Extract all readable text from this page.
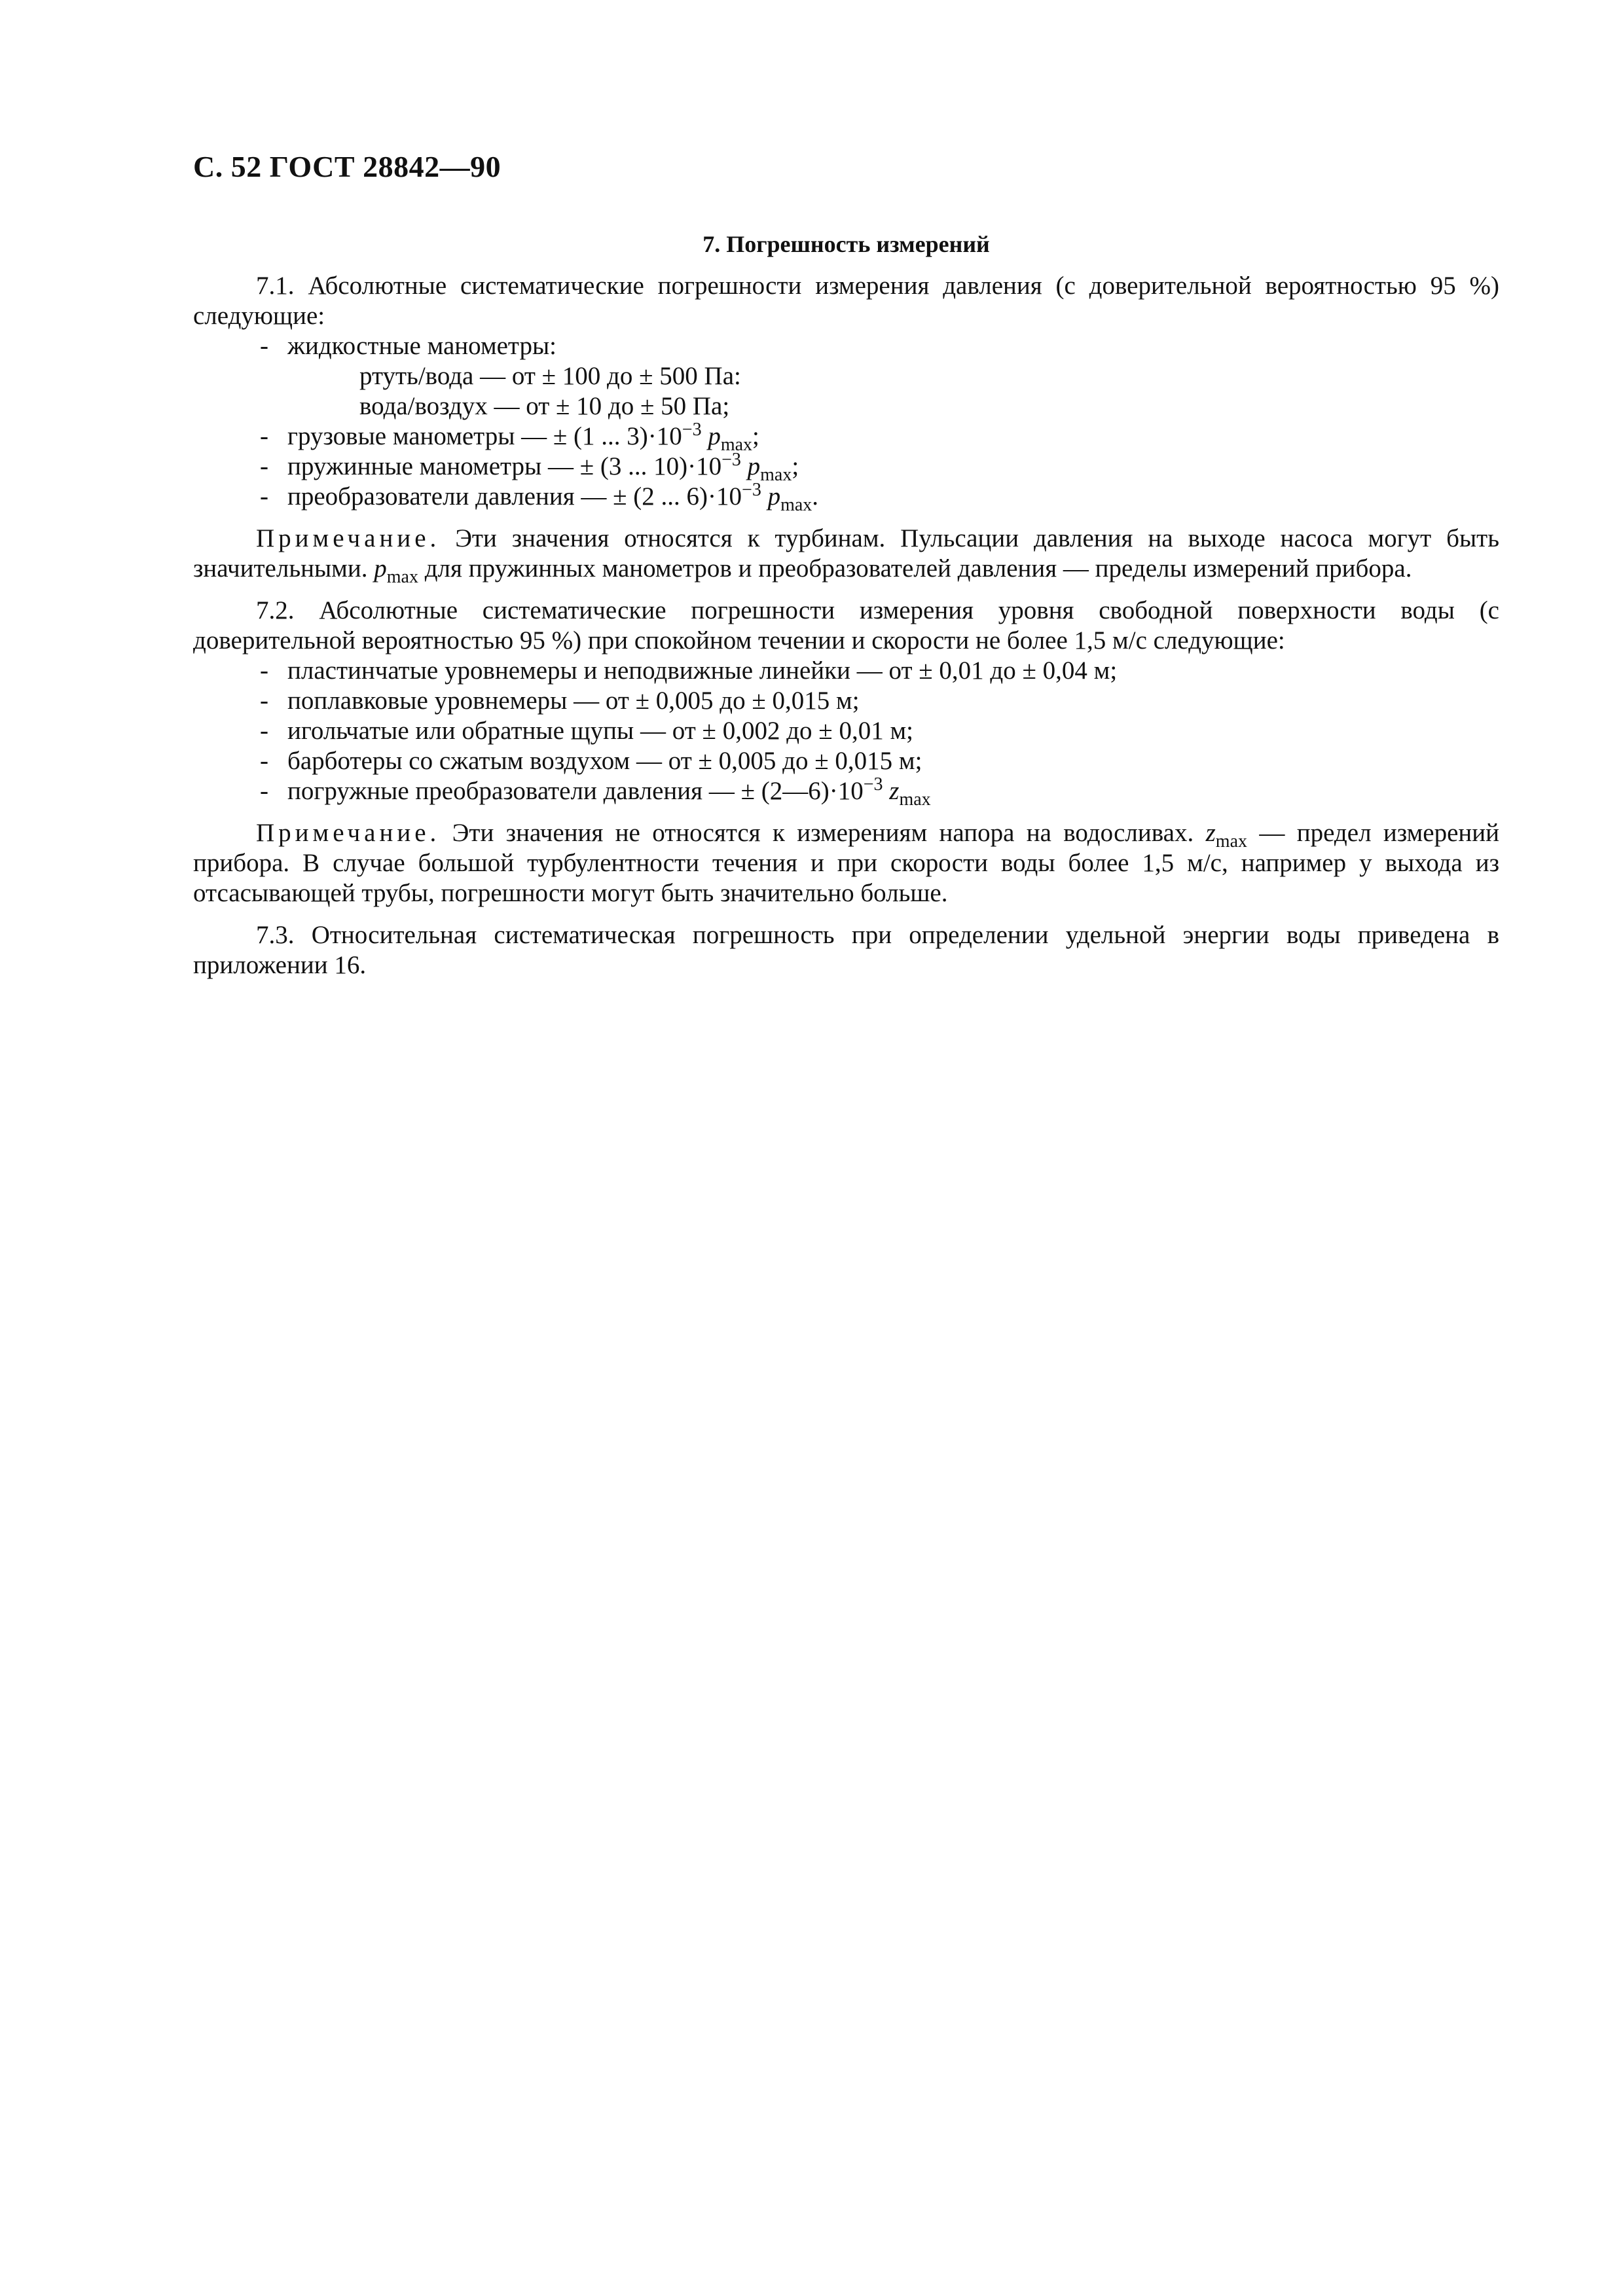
С. 52 ГОСТ 28842—90
7. Погрешность измерений

7.1. Абсолютные систематические погрешности измерения давления (с доверительной вероятностью 95 %) следующие:

- жидкостные манометры:
ртуть/вода — от ± 100 до ± 500 Па:
вода/воздух — от ± 10 до ± 50 Па;
- грузовые манометры — ± (1 ... $3)\cdot 10^{-3}$ $p_{max}$;
- пружинные манометры — ± (3 ... $10)\cdot 10^{-3}$ $p_{max}$;
- преобразователи давления — ± (2 ... $6)\cdot 10^{-3}$ $p_{max}$.

Примечание. Эти значения относятся к турбинам. Пульсации давления на выходе насоса могут быть значительными. $p_{max}$ для пружинных манометров и преобразователей давления — пределы измерений прибора.

7.2. Абсолютные систематические погрешности измерения уровня свободной поверхности воды (с доверительной вероятностью 95 %) при спокойном течении и скорости не более 1,5 м/с следующие:

- пластинчатые уровнемеры и неподвижные линейки — от ± 0,01 до ± 0,04 м;
- поплавковые уровнемеры — от ± 0,005 до ± 0,015 м;
- игольчатые или обратные щупы — от ± 0,002 до ± 0,01 м;
- барботеры со сжатым воздухом — от ± 0,005 до ± 0,015 м;
- погружные преобразователи давления — ± $(2—6)\cdot 10^{-3}$ $z_{max}$

Примечание. Эти значения не относятся к измерениям напора на водосливах. $z_{max}$ — предел измерений прибора. В случае большой турбулентности течения и при скорости воды более 1,5 м/с, например у выхода из отсасывающей трубы, погрешности могут быть значительно больше.

7.3. Относительная систематическая погрешность при определении удельной энергии воды приведена в приложении 16.
